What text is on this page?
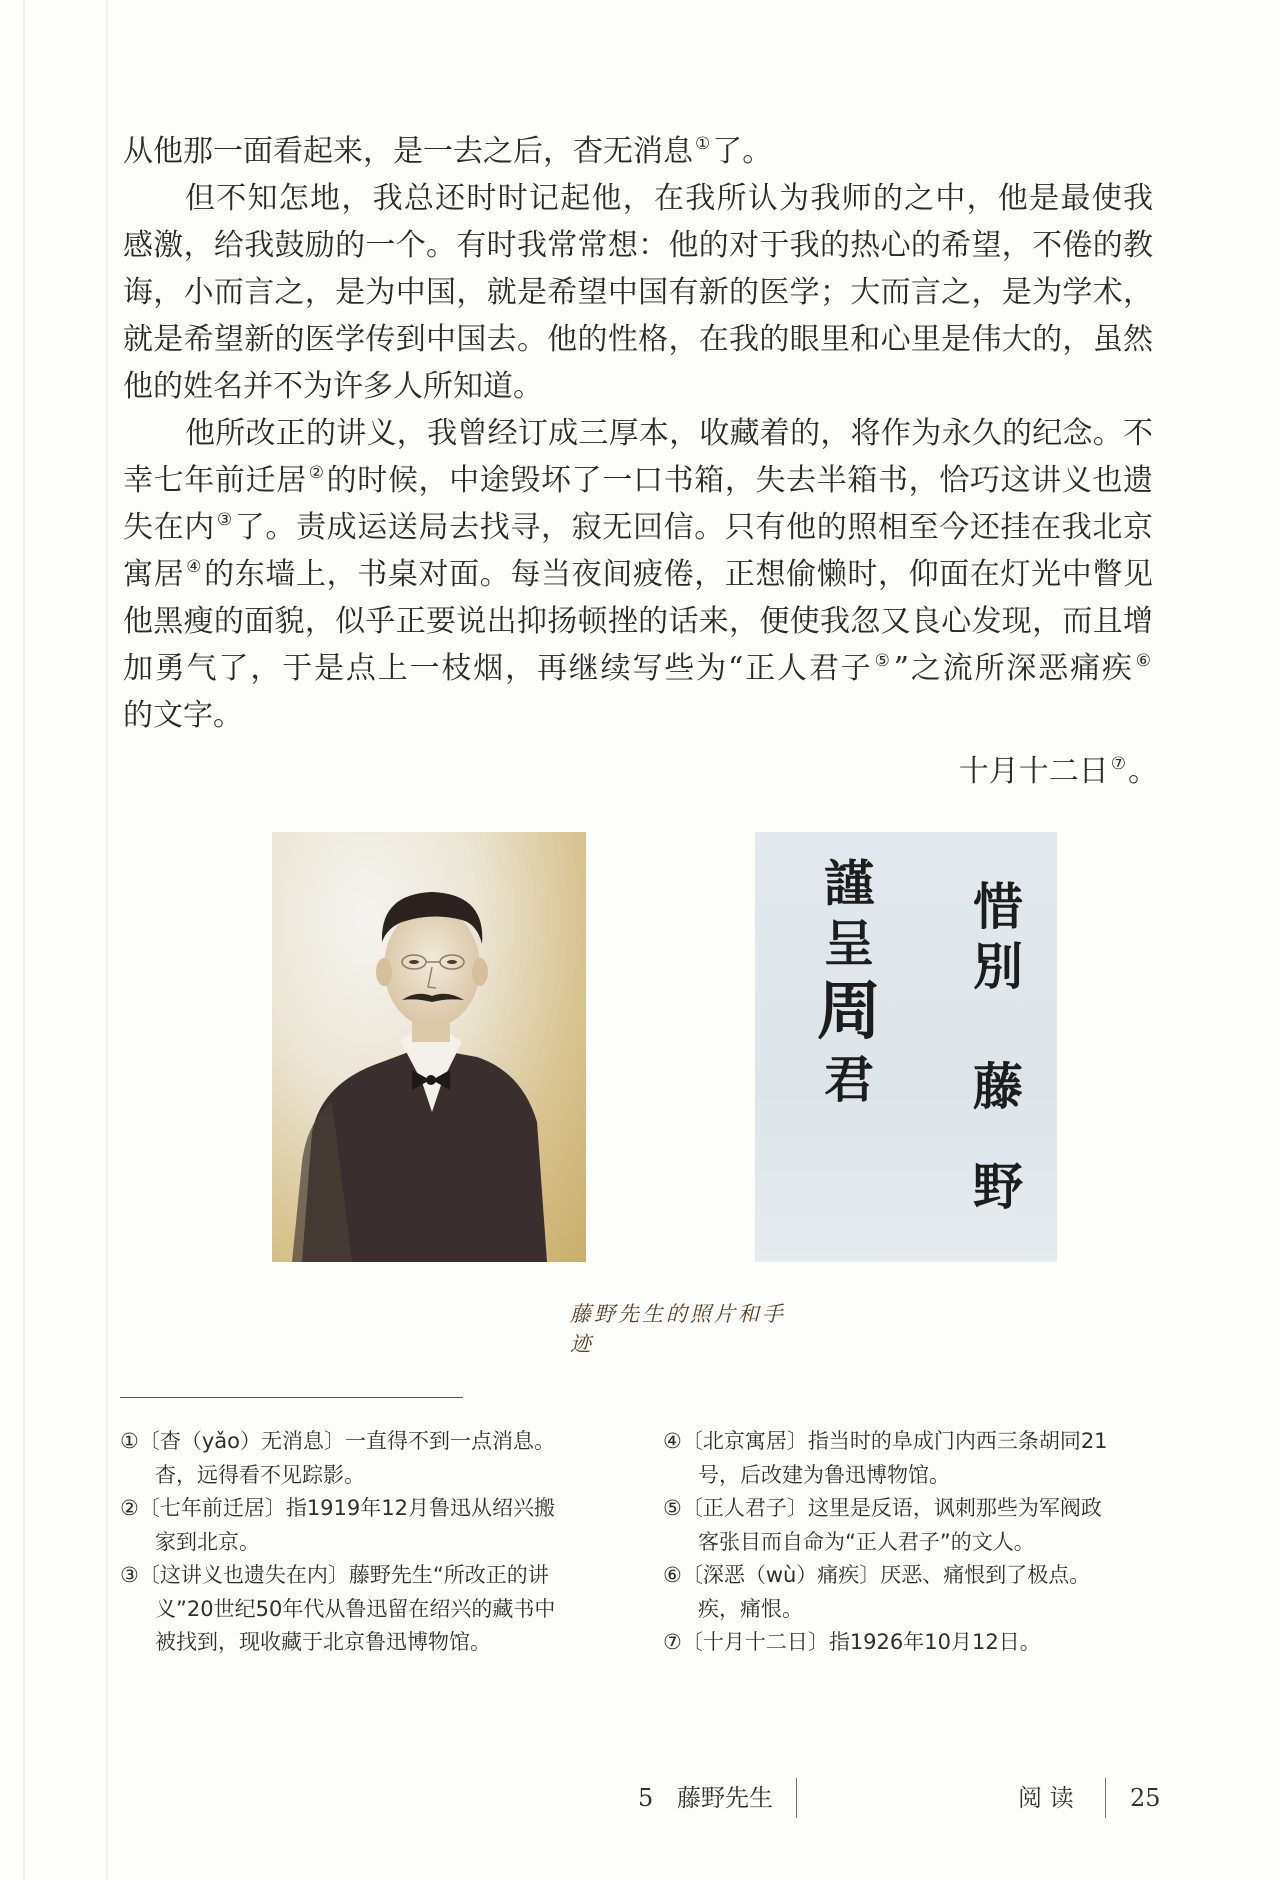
从他那一面看起来，是一去之后，杳无消息 ①了。
但不知怎地，我总还时时记起他，在我所认为我师的之中，他是最使我
感激，给我鼓励的一个。有时我常常想：他的对于我的热心的希望，不倦的教
诲，小而言之，是为中国，就是希望中国有新的医学；大而言之，是为学术，
就是希望新的医学传到中国去。他的性格，在我的眼里和心里是伟大的，虽然
他的姓名并不为许多人所知道。
他所改正的讲义，我曾经订成三厚本，收藏着的，将作为永久的纪念。不
幸七年前迁居 ②的时候，中途毁坏了一口书箱，失去半箱书，恰巧这讲义也遗
失在内 ③了。责成运送局去找寻，寂无回信。只有他的照相至今还挂在我北京
寓居 ④的东墙上，书桌对面。每当夜间疲倦，正想偷懒时，仰面在灯光中瞥见
他黑瘦的面貌，似乎正要说出抑扬顿挫的话来，便使我忽又良心发现，而且增
加勇气了，于是点上一枝烟，再继续写些为“正人君子 ⑤”之流所深恶痛疾 ⑥
的文字。
十月十二日 ⑦。
謹
呈
周
君
惜
別
藤
野
藤野先生的照片和手迹
①〔杳（yǎo）无消息〕一直得不到一点消息。
杳，远得看不见踪影。
②〔七年前迁居〕指1919年12月鲁迅从绍兴搬
家到北京。
③〔这讲义也遗失在内〕藤野先生“所改正的讲
义”20世纪50年代从鲁迅留在绍兴的藏书中
被找到，现收藏于北京鲁迅博物馆。
④〔北京寓居〕指当时的阜成门内西三条胡同21
号，后改建为鲁迅博物馆。
⑤〔正人君子〕这里是反语，讽刺那些为军阀政
客张目而自命为“正人君子”的文人。
⑥〔深恶（wù）痛疾〕厌恶、痛恨到了极点。
疾，痛恨。
⑦〔十月十二日〕指1926年10月12日。
5 藤野先生	阅 读 25
